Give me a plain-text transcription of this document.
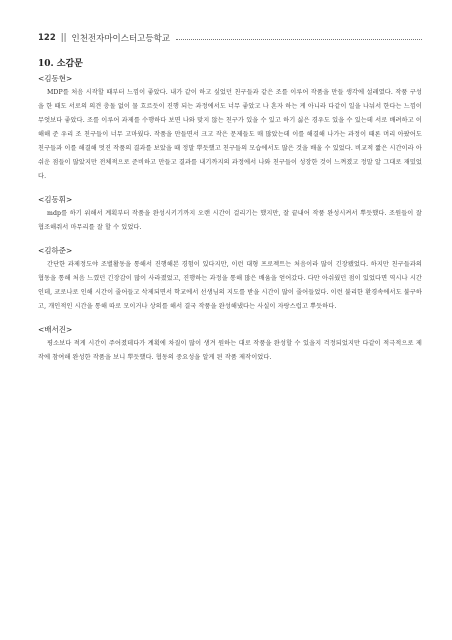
122 || 인천전자마이스터고등학교
10. 소감문
<김동현>

MDP를 처음 시작할 때부터 느낌이 좋았다. 내가 같이 하고 싶었던 친구들과 같은 조를 이루어 작품을 만들 생각에 설레였다. 작품 구성을 한 때도 서로의 의견 충돌 없이 물 흐르듯이 진행 되는 과정에서도 너무 좋았고 나 혼자 하는 게 아니라 다같이 일을 나눠서 한다는 느낌이 무엇보다 좋았다. 조를 이루어 과제를 수행하다 보면 나와 맞지 않는 친구가 있을 수 있고 하기 싫은 경우도 있을 수 있는데 서로 배려하고 이해해 준 우리 조 친구들이 너무 고마웠다. 작품을 만들면서 크고 작은 문제들도 매 많았는데 이를 해결해 나가는 과정이 때론 머리 아팠어도 친구들과 이를 해결해 멋진 작품의 결과를 보았을 때 정말 뿌듯했고 친구들의 모습에서도 많은 것을 배울 수 있었다. 비교적 짧은 시간이라 아쉬운 점들이 많았지만 전체적으로 준비하고 만들고 결과를 내기까지의 과정에서 나와 친구들이 성장한 것이 느껴졌고 정말 알 그대로 재밌었다.

<김동휘>

mdp를 하기 위해서 계획부터 작품을 완성시키기까지 오랜 시간이 걸리기는 했지만, 잘 끝내어 작품 완성시켜서 뿌듯했다. 조원들이 잘 협조해줘서 마무리를 잘 할 수 있었다.

<김하준>

간단한 과제정도야 조별활동을 통해서 진행해본 경험이 있다지만, 이런 대형 프로젝트는 처음이라 많이 긴장됐었다. 하지만 친구들과의 협동을 통해 처음 느꼈던 긴장감이 많이 사라졌었고, 진행하는 과정을 통해 많은 배움을 얻어갔다. 다만 아쉬웠던 점이 있었다면 역시나 시간인데, 코로나로 인해 시간이 줄어들고 삭제되면서 학교에서 선생님의 지도를 받을 시간이 많이 줄어들었다. 이런 불리한 환경속에서도 불구하고, 개인적인 시간을 통해 따로 모이거나 상의를 해서 결국 작품을 완성해냈다는 사실이 자랑스럽고 뿌듯하다.

<배서진>

평소보다 적게 시간이 주어졌데다가 계획에 차질이 많이 생겨 원하는 대로 작품을 완성할 수 있을지 걱정되었지만 다같이 적극적으로 제작에 참여해 완성한 작품을 보니 뿌듯했다. 협동의 중요성을 알게 된 작품 제작이었다.
